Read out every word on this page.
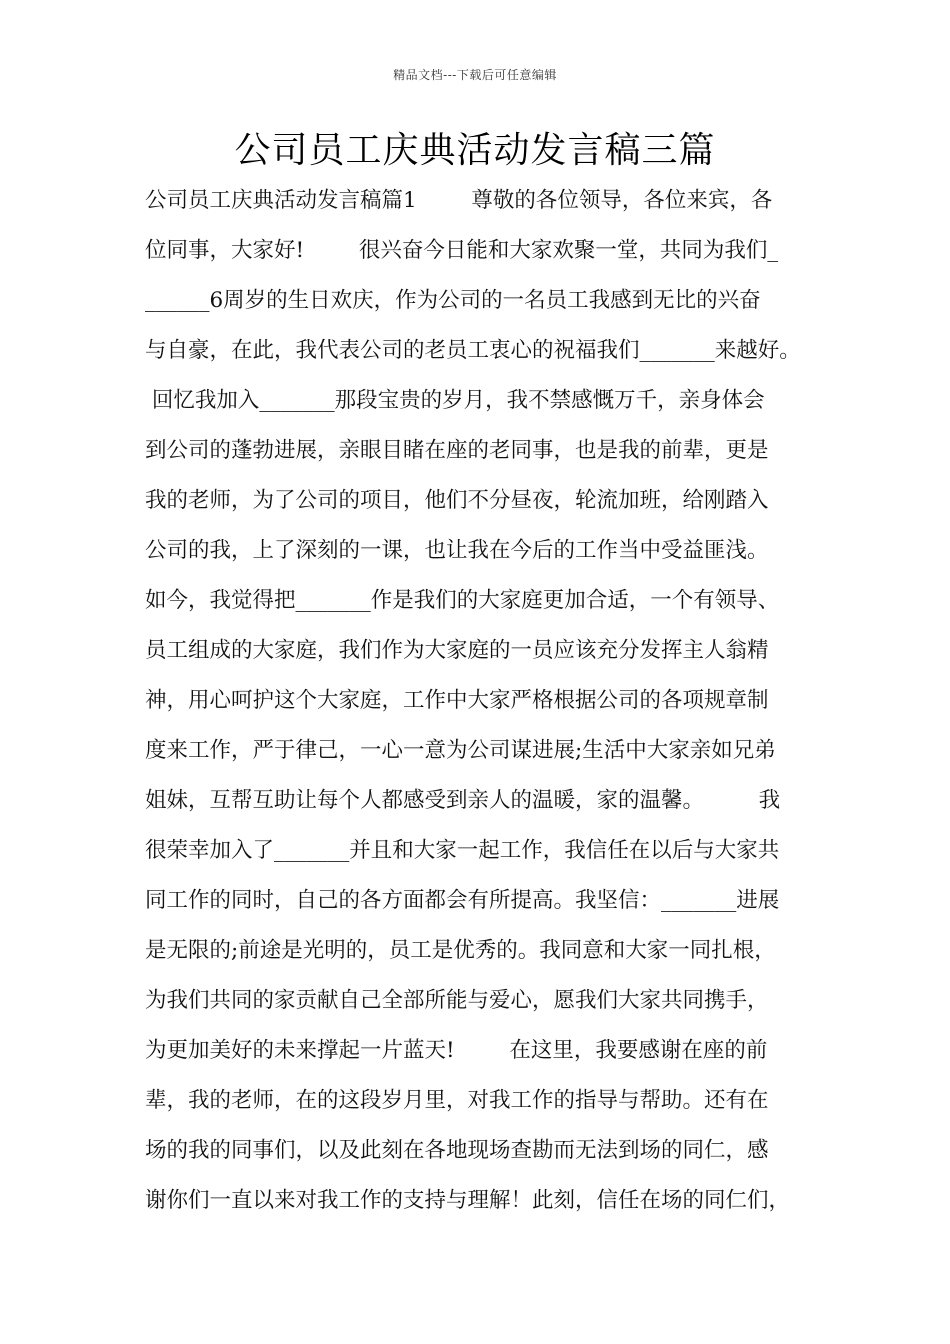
精品文档---下载后可任意编辑
公司员工庆典活动发言稿三篇
公司员工庆典活动发言稿篇1        尊敬的各位领导，各位来宾，各
位同事，大家好!        很兴奋今日能和大家欢聚一堂，共同为我们_
______6周岁的生日欢庆，作为公司的一名员工我感到无比的兴奋
与自豪，在此，我代表公司的老员工衷心的祝福我们_______来越好。
回忆我加入_______那段宝贵的岁月，我不禁感慨万千，亲身体会
到公司的蓬勃进展，亲眼目睹在座的老同事，也是我的前辈，更是
我的老师，为了公司的项目，他们不分昼夜，轮流加班，给刚踏入
公司的我，上了深刻的一课，也让我在今后的工作当中受益匪浅。
如今，我觉得把_______作是我们的大家庭更加合适，一个有领导、
员工组成的大家庭，我们作为大家庭的一员应该充分发挥主人翁精
神，用心呵护这个大家庭，工作中大家严格根据公司的各项规章制
度来工作，严于律己，一心一意为公司谋进展;生活中大家亲如兄弟
姐妹，互帮互助让每个人都感受到亲人的温暖，家的温馨。        我
很荣幸加入了_______并且和大家一起工作，我信任在以后与大家共
同工作的同时，自己的各方面都会有所提高。我坚信：_______进展
是无限的;前途是光明的，员工是优秀的。我同意和大家一同扎根，
为我们共同的家贡献自己全部所能与爱心，愿我们大家共同携手，
为更加美好的未来撑起一片蓝天!        在这里，我要感谢在座的前
辈，我的老师，在的这段岁月里，对我工作的指导与帮助。还有在
场的我的同事们，以及此刻在各地现场查勘而无法到场的同仁，感
谢你们一直以来对我工作的支持与理解！此刻，信任在场的同仁们，
